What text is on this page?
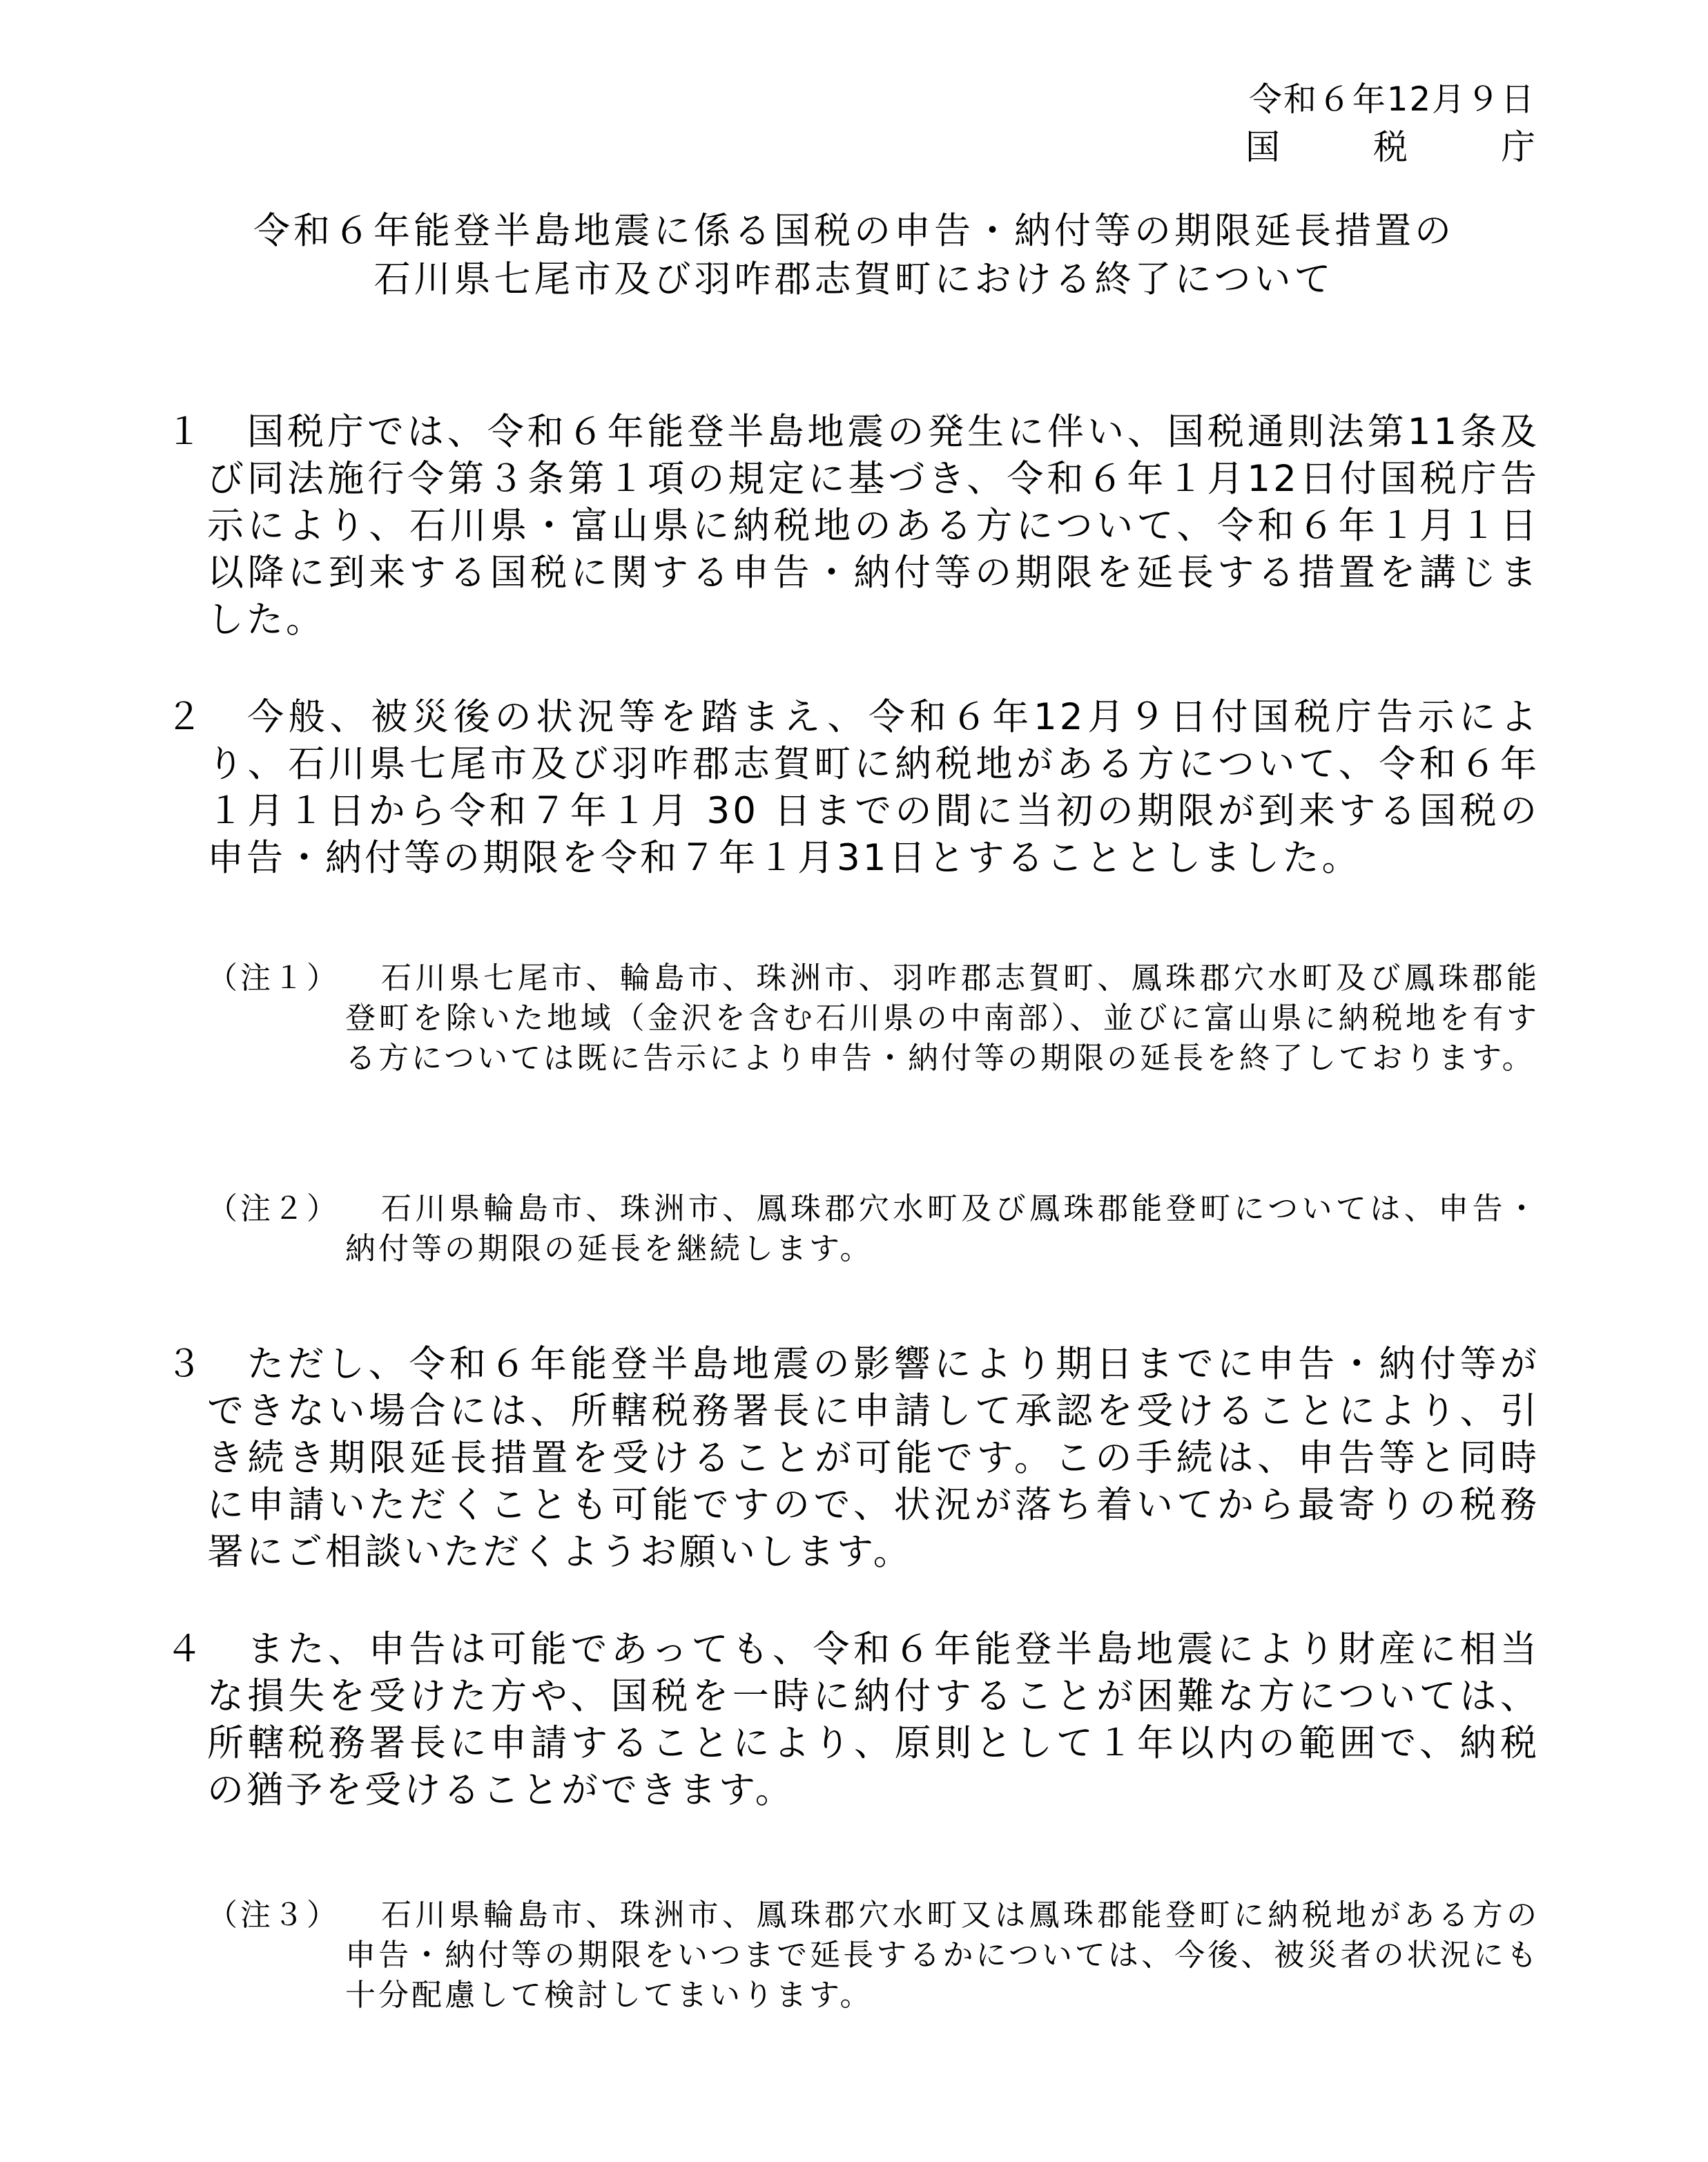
令和６年12月９日
国	税	庁
令和６年能登半島地震に係る国税の申告・納付等の期限延長措置の
石川県七尾市及び羽咋郡志賀町における終了について
１	国税庁では、令和６年能登半島地震の発生に伴い、国税通則法第11条及び同法施行令第３条第１項の規定に基づき、令和６年１月12日付国税庁告示により、石川県・富山県に納税地のある方について、令和６年１月１日以降に到来する国税に関する申告・納付等の期限を延長する措置を講じました。
２	今般、被災後の状況等を踏まえ、令和６年12月９日付国税庁告示により、石川県七尾市及び羽咋郡志賀町に納税地がある方について、令和６年１月１日から令和７年１月 30 日までの間に当初の期限が到来する国税の申告・納付等の期限を令和７年１月31日とすることとしました。
（注１）	石川県七尾市、輪島市、珠洲市、羽咋郡志賀町、鳳珠郡穴水町及び鳳珠郡能登町を除いた地域（金沢を含む石川県の中南部）、並びに富山県に納税地を有する方については既に告示により申告・納付等の期限の延長を終了しております。
（注２）	石川県輪島市、珠洲市、鳳珠郡穴水町及び鳳珠郡能登町については、申告・納付等の期限の延長を継続します。
３	ただし、令和６年能登半島地震の影響により期日までに申告・納付等ができない場合には、所轄税務署長に申請して承認を受けることにより、引き続き期限延長措置を受けることが可能です。この手続は、申告等と同時に申請いただくことも可能ですので、状況が落ち着いてから最寄りの税務署にご相談いただくようお願いします。
４	また、申告は可能であっても、令和６年能登半島地震により財産に相当な損失を受けた方や、国税を一時に納付することが困難な方については、所轄税務署長に申請することにより、原則として１年以内の範囲で、納税の猶予を受けることができます。
（注３）	石川県輪島市、珠洲市、鳳珠郡穴水町又は鳳珠郡能登町に納税地がある方の申告・納付等の期限をいつまで延長するかについては、今後、被災者の状況にも十分配慮して検討してまいります。
